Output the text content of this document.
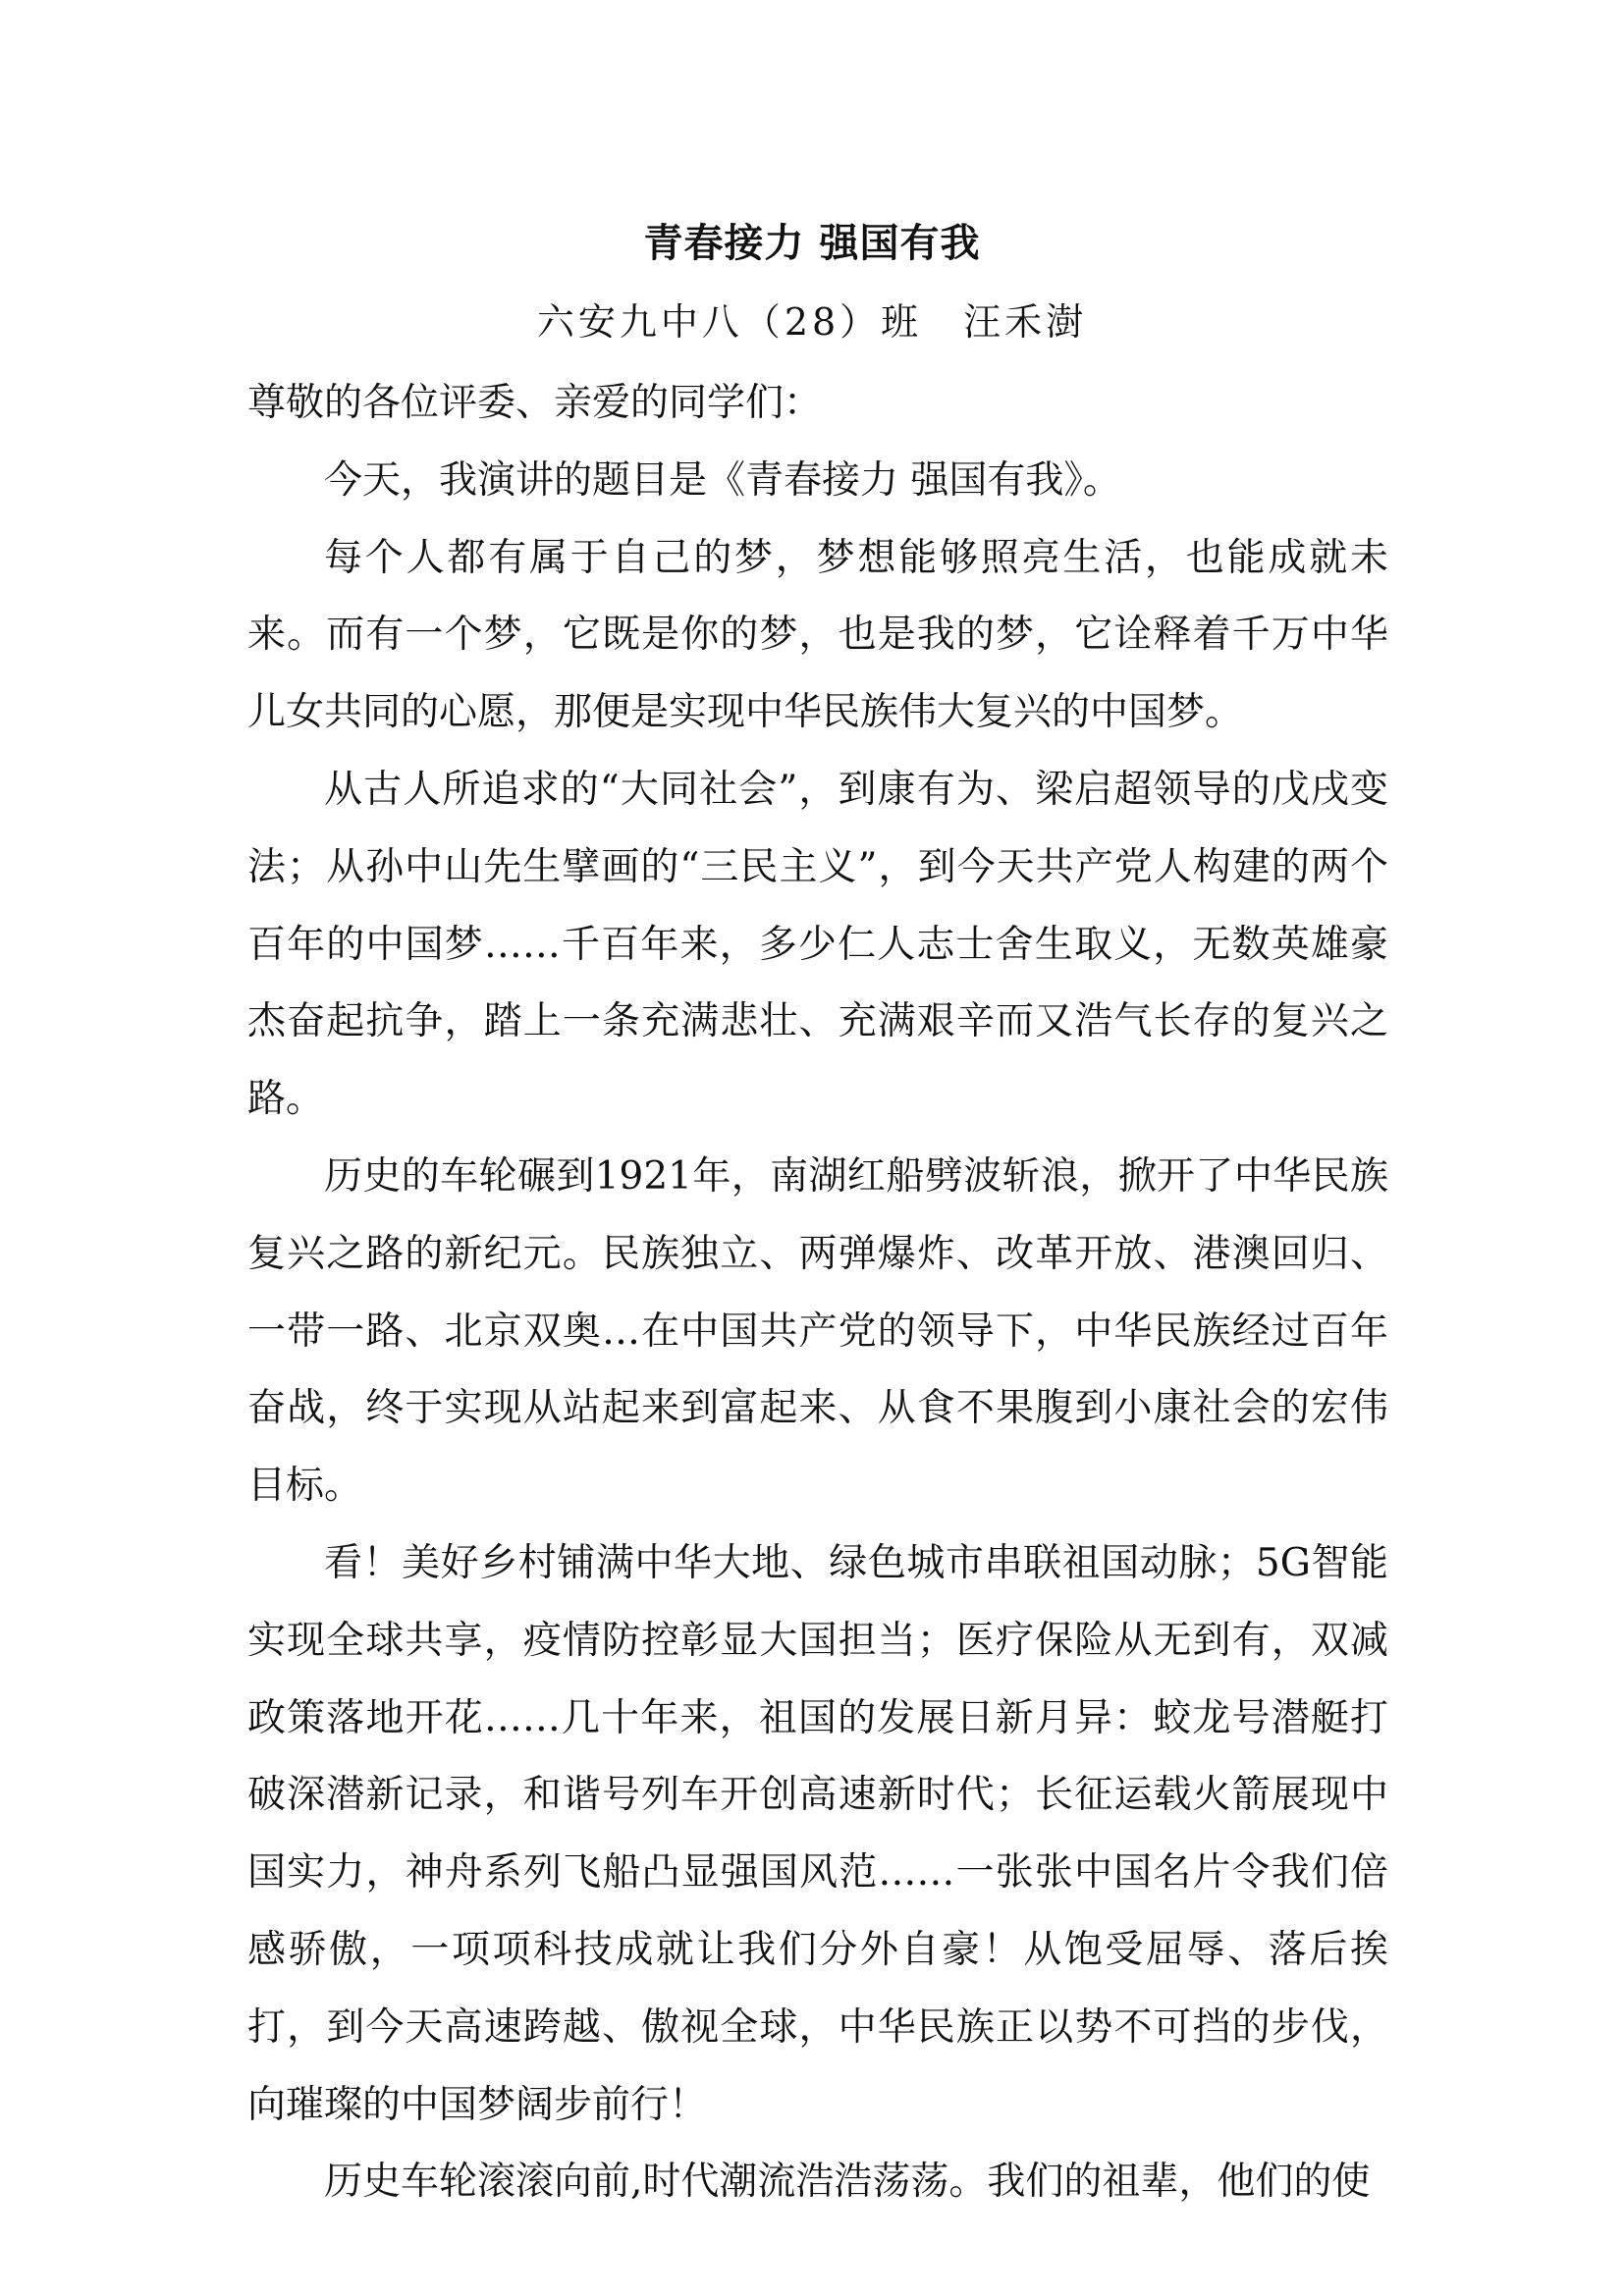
青春接力 强国有我
六安九中八（28）班　汪禾澍

尊敬的各位评委、亲爱的同学们：

今天，我演讲的题目是《青春接力 强国有我》。

每个人都有属于自己的梦，梦想能够照亮生活，也能成就未来。而有一个梦，它既是你的梦，也是我的梦，它诠释着千万中华儿女共同的心愿，那便是实现中华民族伟大复兴的中国梦。

从古人所追求的“大同社会”，到康有为、梁启超领导的戊戌变法；从孙中山先生擘画的“三民主义”，到今天共产党人构建的两个百年的中国梦……千百年来，多少仁人志士舍生取义，无数英雄豪杰奋起抗争，踏上一条充满悲壮、充满艰辛而又浩气长存的复兴之路。

历史的车轮碾到1921年，南湖红船劈波斩浪，掀开了中华民族复兴之路的新纪元。民族独立、两弹爆炸、改革开放、港澳回归、一带一路、北京双奥…在中国共产党的领导下，中华民族经过百年奋战，终于实现从站起来到富起来、从食不果腹到小康社会的宏伟目标。

看！美好乡村铺满中华大地、绿色城市串联祖国动脉；5G智能实现全球共享，疫情防控彰显大国担当；医疗保险从无到有，双减政策落地开花……几十年来，祖国的发展日新月异：蛟龙号潜艇打破深潜新记录，和谐号列车开创高速新时代；长征运载火箭展现中国实力，神舟系列飞船凸显强国风范……一张张中国名片令我们倍感骄傲，一项项科技成就让我们分外自豪！从饱受屈辱、落后挨打，到今天高速跨越、傲视全球，中华民族正以势不可挡的步伐，向璀璨的中国梦阔步前行！

历史车轮滚滚向前,时代潮流浩浩荡荡。我们的祖辈，他们的使
